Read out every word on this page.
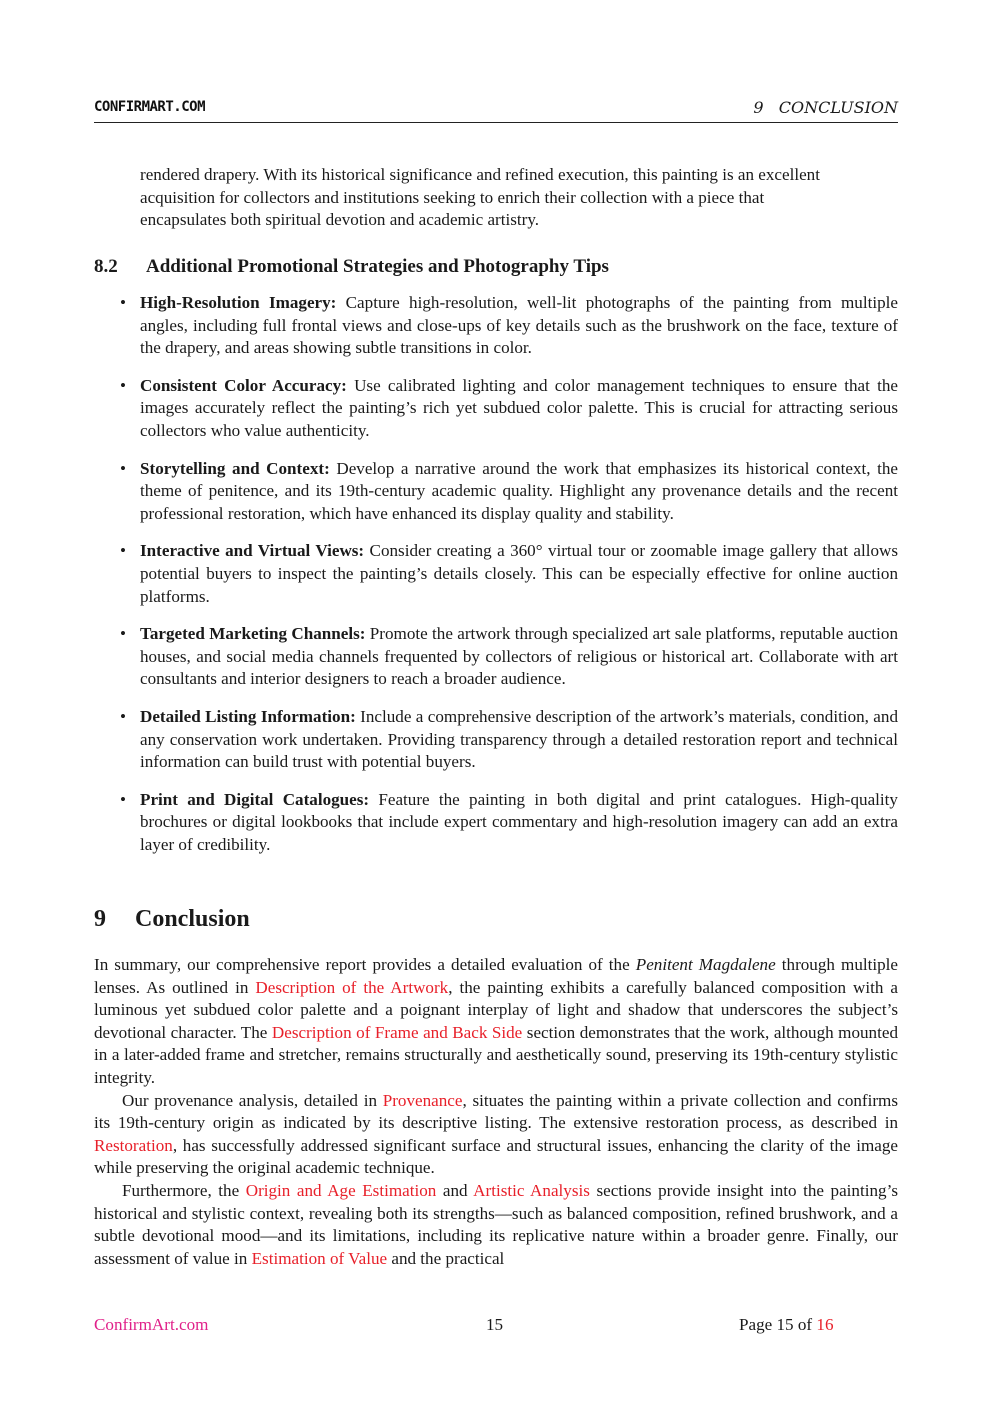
CONFIRMART.COM	9   CONCLUSION

rendered drapery. With its historical significance and refined execution, this painting is an excellent acquisition for collectors and institutions seeking to enrich their collection with a piece that encapsulates both spiritual devotion and academic artistry.

8.2 Additional Promotional Strategies and Photography Tips
• High-Resolution Imagery: Capture high-resolution, well-lit photographs of the painting from multiple angles, including full frontal views and close-ups of key details such as the brushwork on the face, texture of the drapery, and areas showing subtle transitions in color.
• Consistent Color Accuracy: Use calibrated lighting and color management techniques to ensure that the images accurately reflect the painting’s rich yet subdued color palette. This is crucial for attracting serious collectors who value authenticity.
• Storytelling and Context: Develop a narrative around the work that emphasizes its historical context, the theme of penitence, and its 19th-century academic quality. Highlight any provenance details and the recent professional restoration, which have enhanced its display quality and stability.
• Interactive and Virtual Views: Consider creating a 360° virtual tour or zoomable image gallery that allows potential buyers to inspect the painting’s details closely. This can be especially effective for online auction platforms.
• Targeted Marketing Channels: Promote the artwork through specialized art sale platforms, reputable auction houses, and social media channels frequented by collectors of religious or historical art. Collaborate with art consultants and interior designers to reach a broader audience.
• Detailed Listing Information: Include a comprehensive description of the artwork’s materials, condition, and any conservation work undertaken. Providing transparency through a detailed restoration report and technical information can build trust with potential buyers.
• Print and Digital Catalogues: Feature the painting in both digital and print catalogues. High-quality brochures or digital lookbooks that include expert commentary and high-resolution imagery can add an extra layer of credibility.
9 Conclusion

In summary, our comprehensive report provides a detailed evaluation of the Penitent Magdalene through multiple lenses. As outlined in Description of the Artwork, the painting exhibits a carefully balanced composition with a luminous yet subdued color palette and a poignant interplay of light and shadow that underscores the subject’s devotional character. The Description of Frame and Back Side section demonstrates that the work, although mounted in a later-added frame and stretcher, remains structurally and aesthetically sound, preserving its 19th-century stylistic integrity.

Our provenance analysis, detailed in Provenance, situates the painting within a private collection and confirms its 19th-century origin as indicated by its descriptive listing. The extensive restoration process, as described in Restoration, has successfully addressed significant surface and structural issues, enhancing the clarity of the image while preserving the original academic technique.

Furthermore, the Origin and Age Estimation and Artistic Analysis sections provide insight into the painting’s historical and stylistic context, revealing both its strengths—such as balanced composition, refined brushwork, and a subtle devotional mood—and its limitations, including its replicative nature within a broader genre. Finally, our assessment of value in Estimation of Value and the practical

ConfirmArt.com	15	Page 15 of 16
